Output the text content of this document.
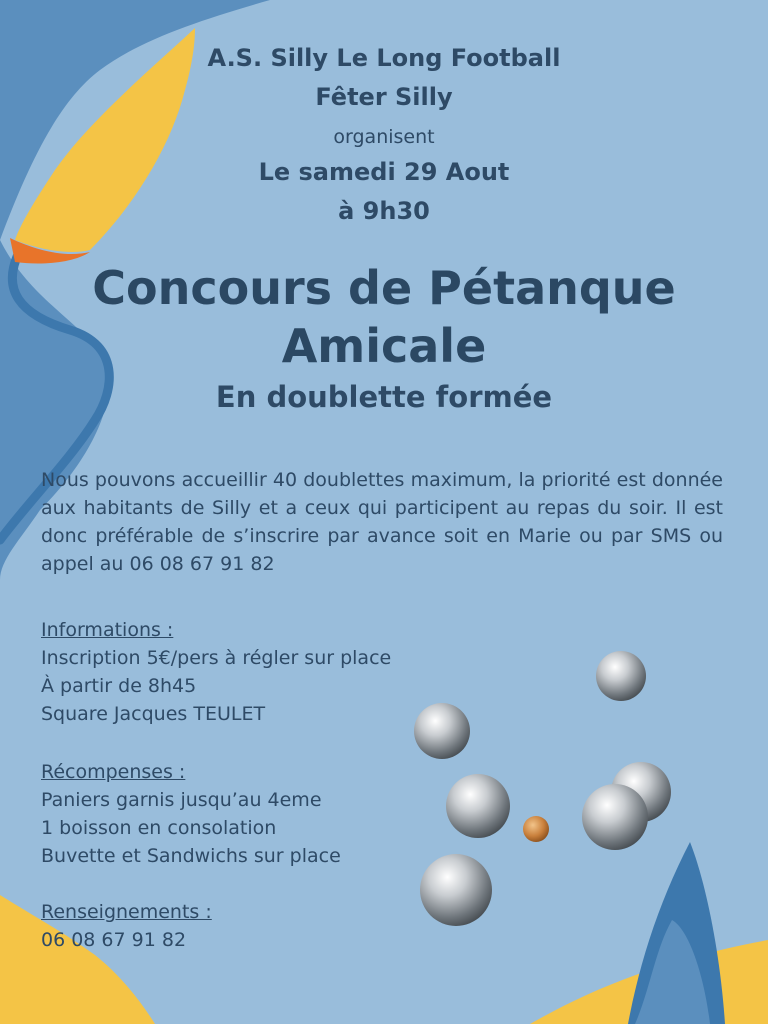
A.S. Silly Le Long Football
Fêter Silly
organisent
Le samedi 29 Aout
à 9h30
Concours de Pétanque
Amicale
En doublette formée
Nous pouvons accueillir 40 doublettes maximum, la priorité est donnée aux habitants de Silly et a ceux qui participent au repas du soir. Il est donc préférable de s’inscrire par avance soit en Marie ou par SMS ou appel au 06 08 67 91 82
Informations :
Inscription 5€/pers à régler sur place
À partir de 8h45
Square Jacques TEULET
Récompenses :
Paniers garnis jusqu’au 4eme
1 boisson en consolation
Buvette et Sandwichs sur place
Renseignements :
06 08 67 91 82
